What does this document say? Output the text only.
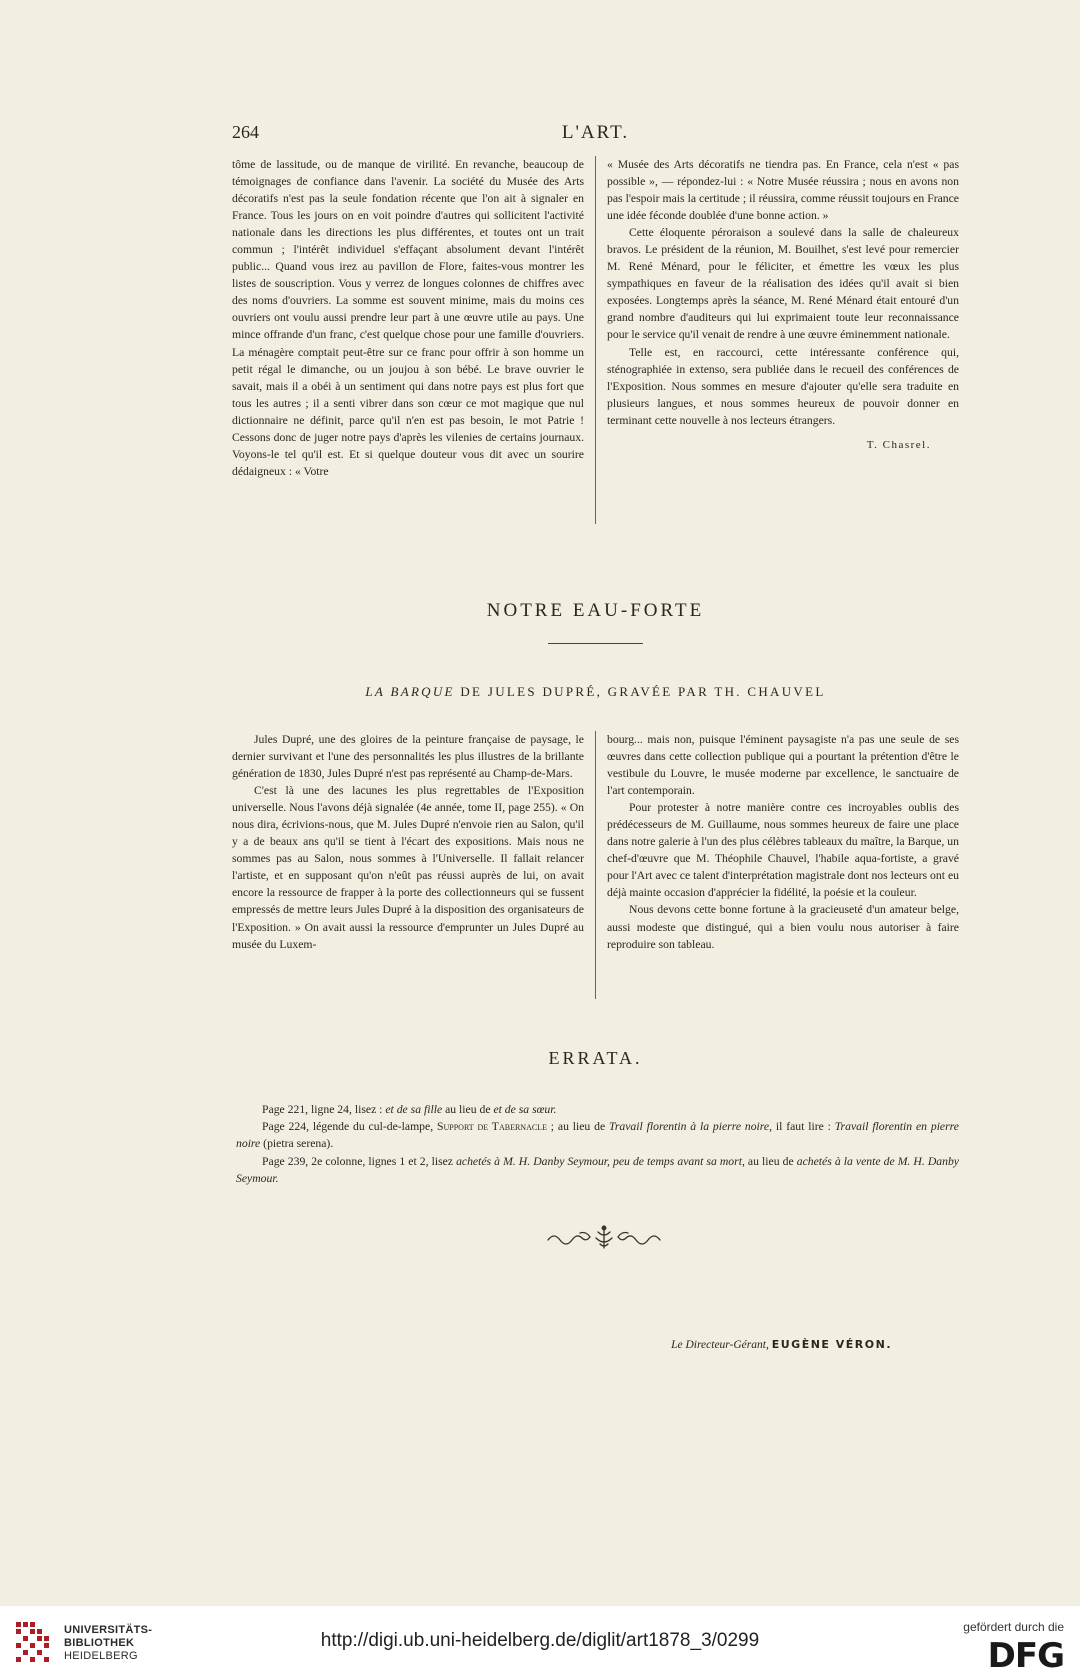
264	L'ART.

tôme de lassitude, ou de manque de virilité. En revanche, beaucoup de témoignages de confiance dans l'avenir. La société du Musée des Arts décoratifs n'est pas la seule fondation récente que l'on ait à signaler en France. Tous les jours on en voit poindre d'autres qui sollicitent l'activité nationale dans les directions les plus différentes, et toutes ont un trait commun ; l'intérêt individuel s'effaçant absolument devant l'intérêt public... Quand vous irez au pavillon de Flore, faites-vous montrer les listes de souscription. Vous y verrez de longues colonnes de chiffres avec des noms d'ouvriers. La somme est souvent minime, mais du moins ces ouvriers ont voulu aussi prendre leur part à une œuvre utile au pays. Une mince offrande d'un franc, c'est quelque chose pour une famille d'ouvriers. La ménagère comptait peut-être sur ce franc pour offrir à son homme un petit régal le dimanche, ou un joujou à son bébé. Le brave ouvrier le savait, mais il a obéi à un sentiment qui dans notre pays est plus fort que tous les autres ; il a senti vibrer dans son cœur ce mot magique que nul dictionnaire ne définit, parce qu'il n'en est pas besoin, le mot Patrie ! Cessons donc de juger notre pays d'après les vilenies de certains journaux. Voyons-le tel qu'il est. Et si quelque douteur vous dit avec un sourire dédaigneux : « Votre

« Musée des Arts décoratifs ne tiendra pas. En France, cela n'est « pas possible », — répondez-lui : « Notre Musée réussira ; nous en avons non pas l'espoir mais la certitude ; il réussira, comme réussit toujours en France une idée féconde doublée d'une bonne action. »

Cette éloquente péroraison a soulevé dans la salle de chaleureux bravos. Le président de la réunion, M. Bouilhet, s'est levé pour remercier M. René Ménard, pour le féliciter, et émettre les vœux les plus sympathiques en faveur de la réalisation des idées qu'il avait si bien exposées. Longtemps après la séance, M. René Ménard était entouré d'un grand nombre d'auditeurs qui lui exprimaient toute leur reconnaissance pour le service qu'il venait de rendre à une œuvre éminemment nationale.

Telle est, en raccourci, cette intéressante conférence qui, sténographiée in extenso, sera publiée dans le recueil des conférences de l'Exposition. Nous sommes en mesure d'ajouter qu'elle sera traduite en plusieurs langues, et nous sommes heureux de pouvoir donner en terminant cette nouvelle à nos lecteurs étrangers.

T. Chasrel.
NOTRE EAU-FORTE
LA BARQUE DE JULES DUPRÉ, GRAVÉE PAR TH. CHAUVEL

Jules Dupré, une des gloires de la peinture française de paysage, le dernier survivant et l'une des personnalités les plus illustres de la brillante génération de 1830, Jules Dupré n'est pas représenté au Champ-de-Mars.

C'est là une des lacunes les plus regrettables de l'Exposition universelle. Nous l'avons déjà signalée (4e année, tome II, page 255). « On nous dira, écrivions-nous, que M. Jules Dupré n'envoie rien au Salon, qu'il y a de beaux ans qu'il se tient à l'écart des expositions. Mais nous ne sommes pas au Salon, nous sommes à l'Universelle. Il fallait relancer l'artiste, et en supposant qu'on n'eût pas réussi auprès de lui, on avait encore la ressource de frapper à la porte des collectionneurs qui se fussent empressés de mettre leurs Jules Dupré à la disposition des organisateurs de l'Exposition. » On avait aussi la ressource d'emprunter un Jules Dupré au musée du Luxem-

bourg... mais non, puisque l'éminent paysagiste n'a pas une seule de ses œuvres dans cette collection publique qui a pourtant la prétention d'être le vestibule du Louvre, le musée moderne par excellence, le sanctuaire de l'art contemporain.

Pour protester à notre manière contre ces incroyables oublis des prédécesseurs de M. Guillaume, nous sommes heureux de faire une place dans notre galerie à l'un des plus célèbres tableaux du maître, la Barque, un chef-d'œuvre que M. Théophile Chauvel, l'habile aqua-fortiste, a gravé pour l'Art avec ce talent d'interprétation magistrale dont nos lecteurs ont eu déjà mainte occasion d'apprécier la fidélité, la poésie et la couleur.

Nous devons cette bonne fortune à la gracieuseté d'un amateur belge, aussi modeste que distingué, qui a bien voulu nous autoriser à faire reproduire son tableau.

ERRATA.

Page 221, ligne 24, lisez : et de sa fille au lieu de et de sa sœur.

Page 224, légende du cul-de-lampe, Support de Tabernacle ; au lieu de Travail florentin à la pierre noire, il faut lire : Travail florentin en pierre noire (pietra serena).

Page 239, 2e colonne, lignes 1 et 2, lisez achetés à M. H. Danby Seymour, peu de temps avant sa mort, au lieu de achetés à la vente de M. H. Danby Seymour.

Le Directeur-Gérant, EUGÈNE VÉRON.
UNIVERSITÄTS-
BIBLIOTHEK
HEIDELBERG
http://digi.ub.uni-heidelberg.de/diglit/art1878_3/0299
gefördert durch die
DFG
